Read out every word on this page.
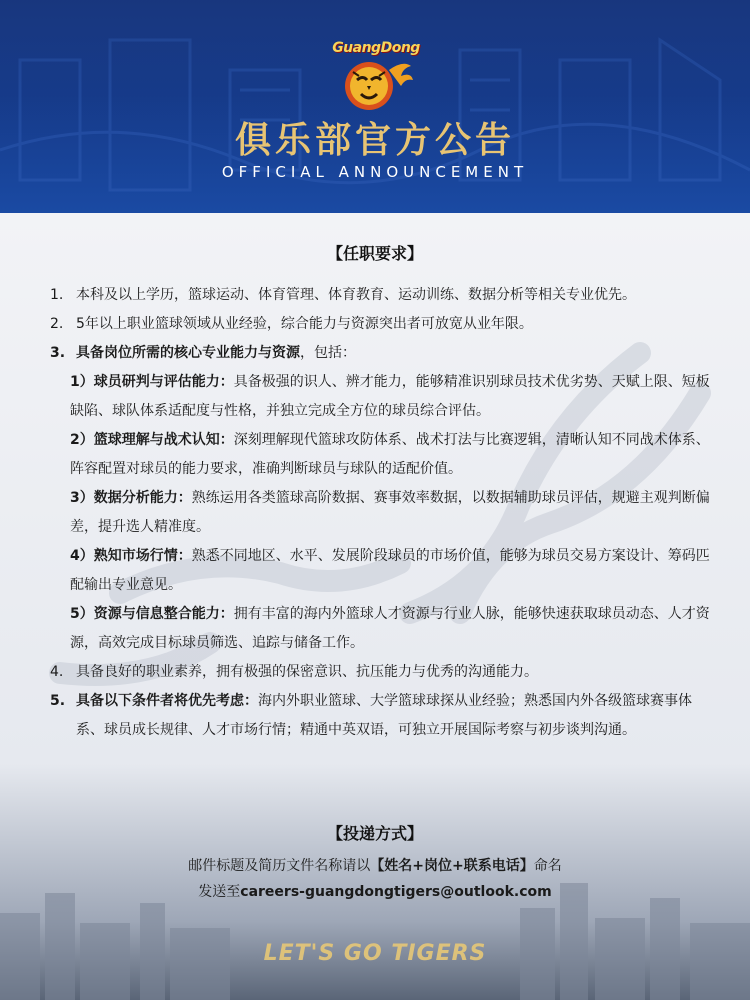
GuangDong
俱乐部官方公告
OFFICIAL ANNOUNCEMENT
【任职要求】
1. 本科及以上学历，篮球运动、体育管理、体育教育、运动训练、数据分析等相关专业优先。
2. 5年以上职业篮球领域从业经验，综合能力与资源突出者可放宽从业年限。
3. 具备岗位所需的核心专业能力与资源，包括：
1）球员研判与评估能力：具备极强的识人、辨才能力，能够精准识别球员技术优劣势、天赋上限、短板缺陷、球队体系适配度与性格，并独立完成全方位的球员综合评估。
2）篮球理解与战术认知：深刻理解现代篮球攻防体系、战术打法与比赛逻辑，清晰认知不同战术体系、阵容配置对球员的能力要求，准确判断球员与球队的适配价值。
3）数据分析能力：熟练运用各类篮球高阶数据、赛事效率数据，以数据辅助球员评估，规避主观判断偏差，提升选人精准度。
4）熟知市场行情：熟悉不同地区、水平、发展阶段球员的市场价值，能够为球员交易方案设计、筹码匹配输出专业意见。
5）资源与信息整合能力：拥有丰富的海内外篮球人才资源与行业人脉，能够快速获取球员动态、人才资源，高效完成目标球员筛选、追踪与储备工作。
4. 具备良好的职业素养，拥有极强的保密意识、抗压能力与优秀的沟通能力。
5. 具备以下条件者将优先考虑：海内外职业篮球、大学篮球球探从业经验；熟悉国内外各级篮球赛事体系、球员成长规律、人才市场行情；精通中英双语，可独立开展国际考察与初步谈判沟通。
【投递方式】
邮件标题及简历文件名称请以【姓名+岗位+联系电话】命名
发送至careers-guangdongtigers@outlook.com
LET'S GO TIGERS
